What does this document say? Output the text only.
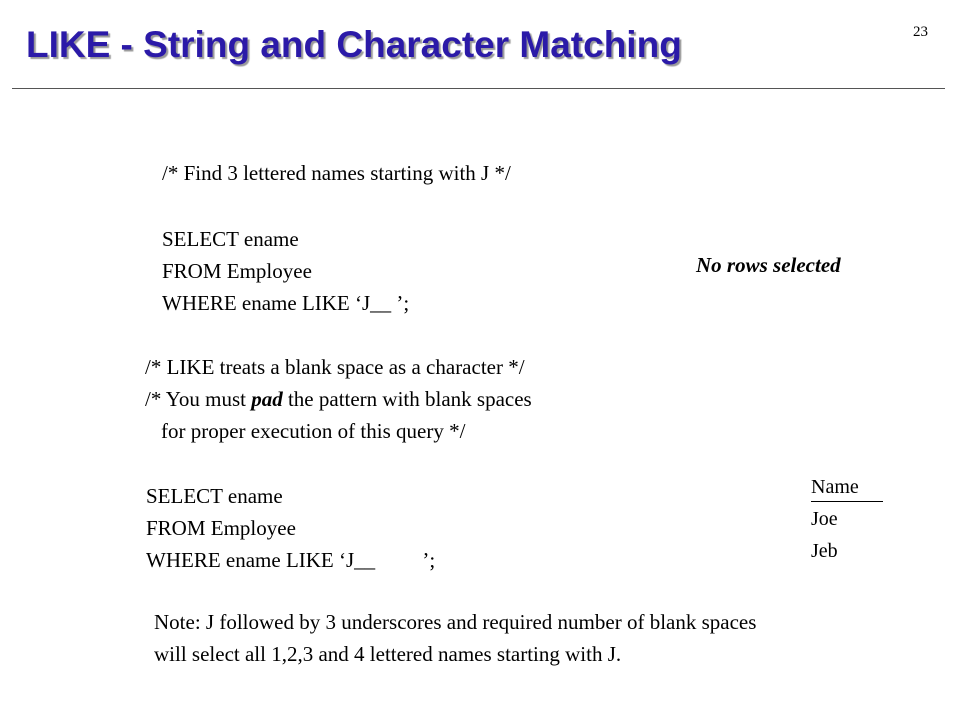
LIKE - String and Character Matching	23
/* Find 3 lettered names starting with J */
SELECT ename
FROM Employee
WHERE ename LIKE ‘J__ ’;
No rows selected
/* LIKE treats a blank space as a character */
/* You must pad the pattern with blank spaces
for proper execution of this query */
SELECT ename
FROM Employee
WHERE ename LIKE ‘J__         ’;
Name
Joe
Jeb
Note: J followed by 3 underscores and required number of blank spaces
will select all 1,2,3 and 4 lettered names starting with J.
